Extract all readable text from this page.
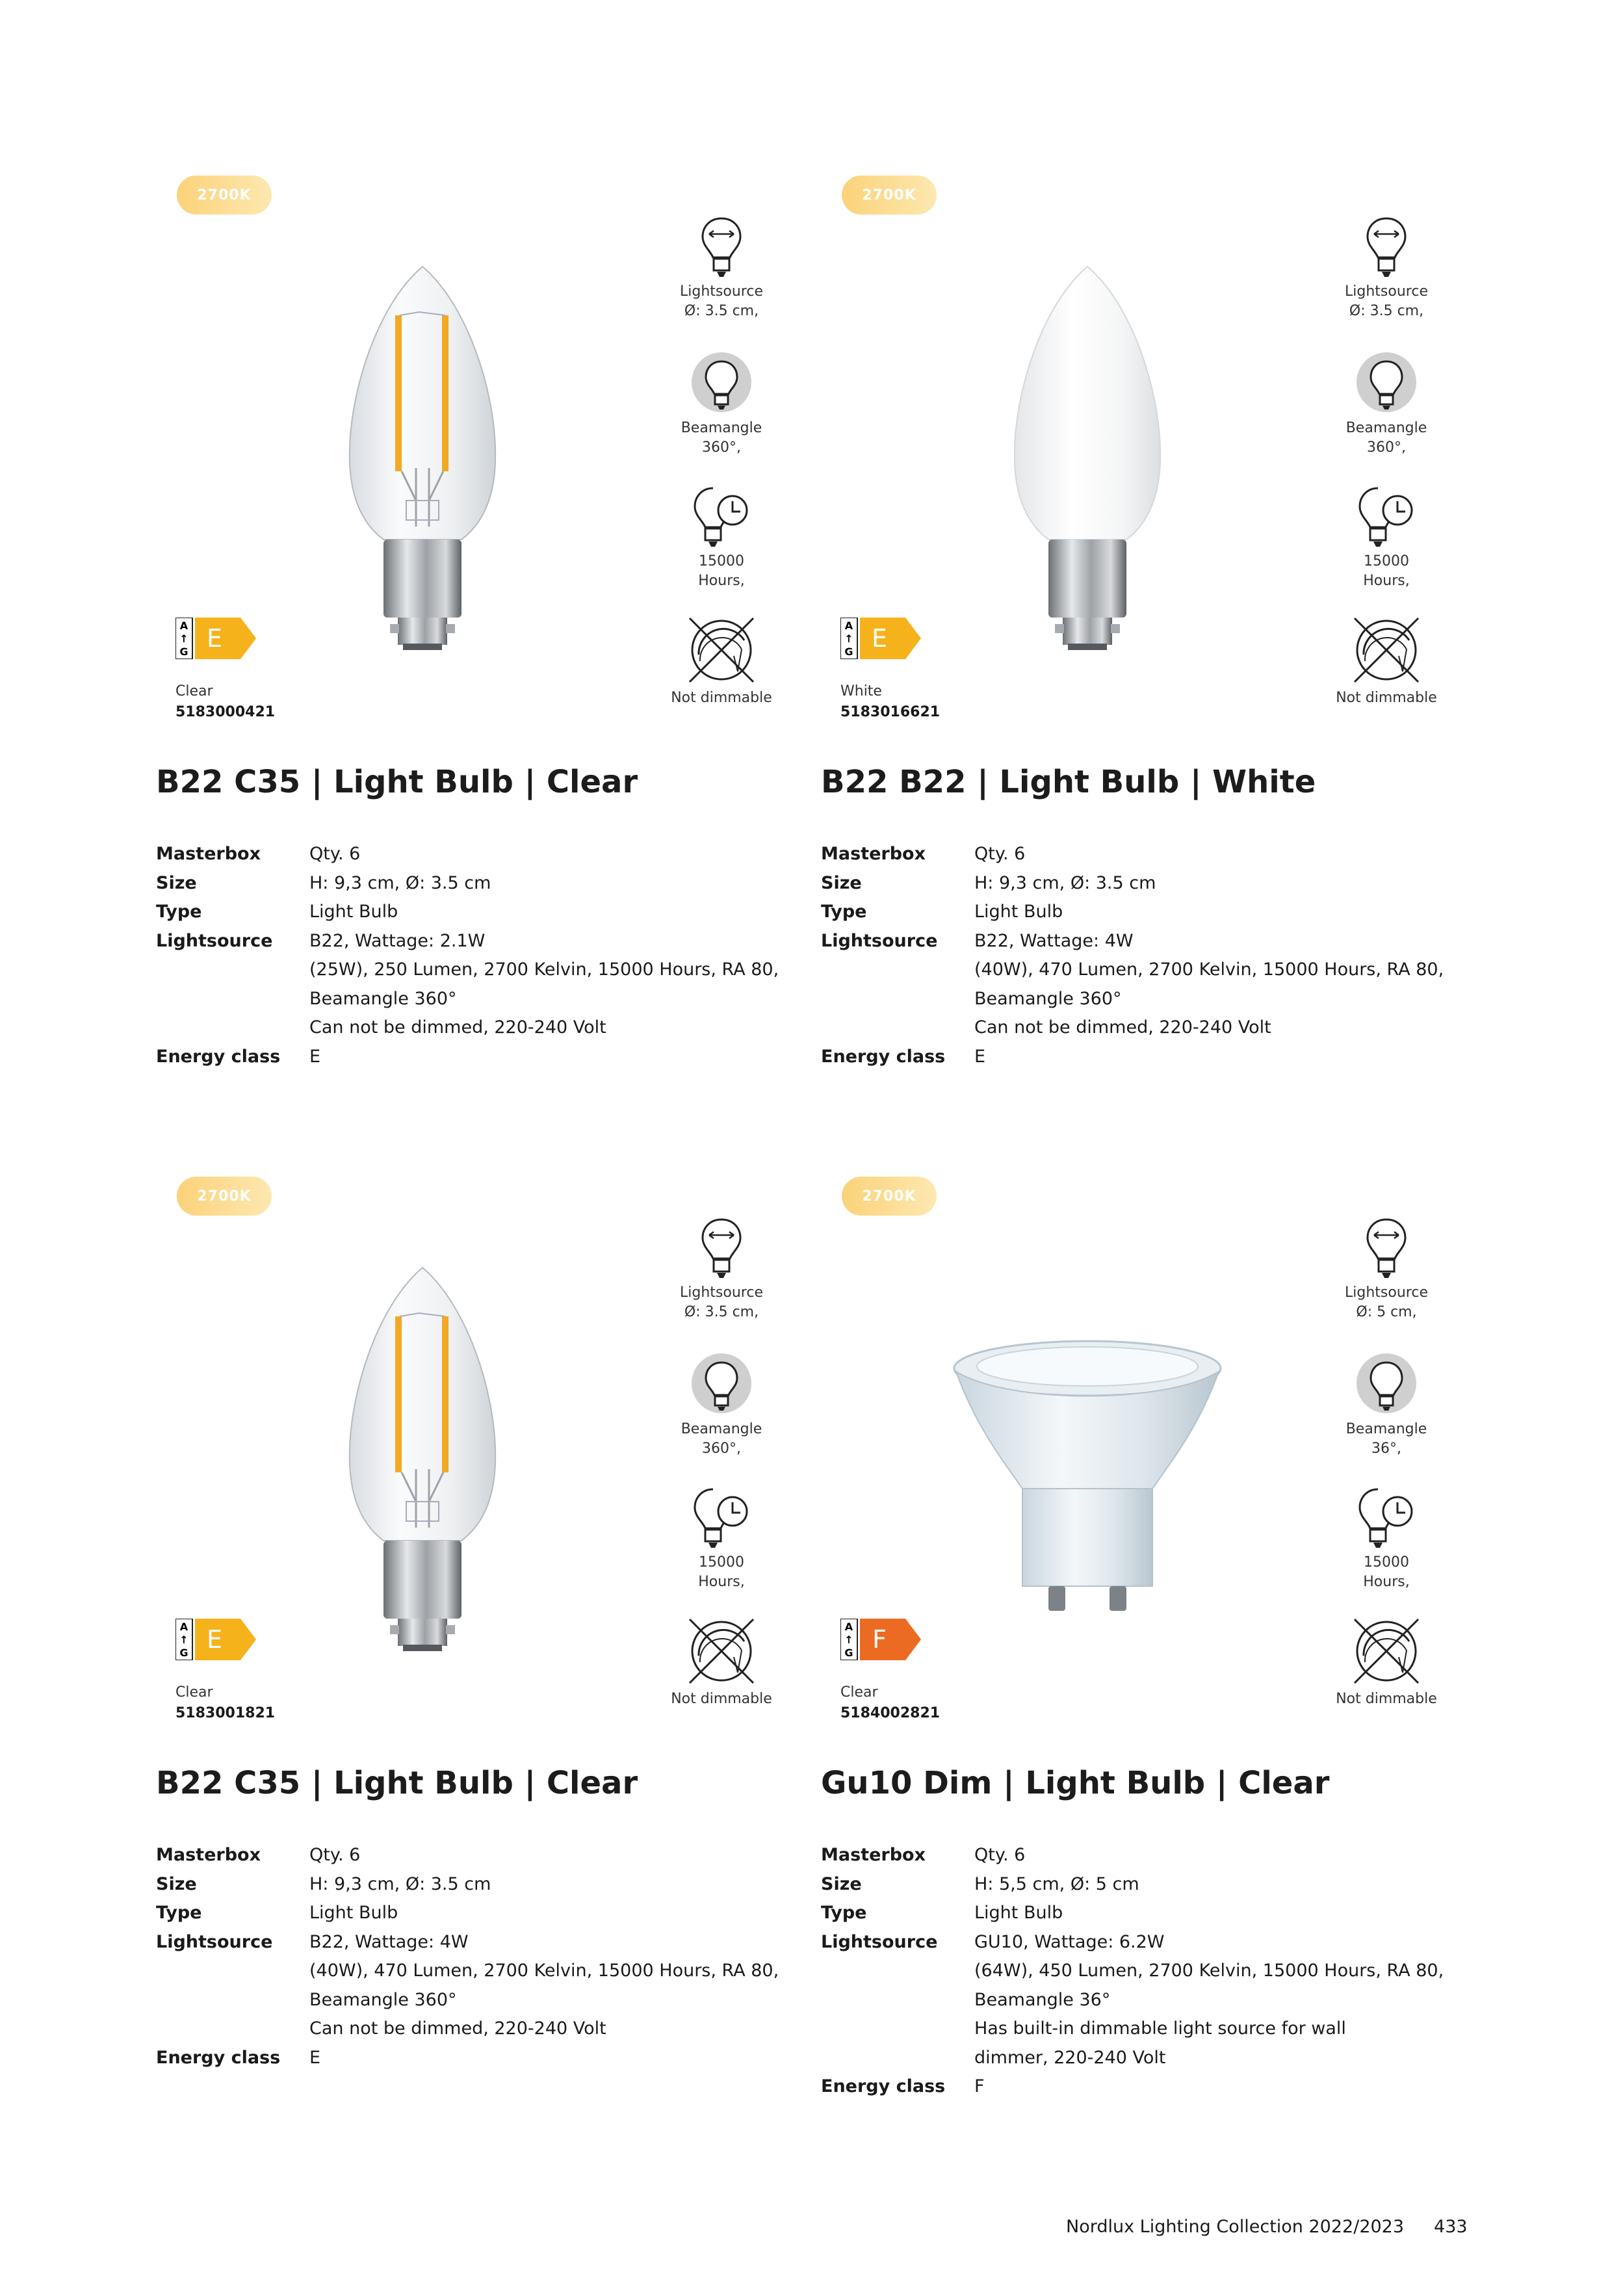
2700K
Lightsource
Ø: 3.5 cm,
Beamangle
360°,
15000
Hours,
Not dimmable
A
↑
G E
Clear
5183000421
B22 C35 | Light Bulb | Clear
Masterbox	Qty. 6
Size	H: 9,3 cm, Ø: 3.5 cm
Type	Light Bulb
Lightsource	B22, Wattage: 2.1W
(25W), 250 Lumen, 2700 Kelvin, 15000 Hours, RA 80,
Beamangle 360°
Can not be dimmed, 220-240 Volt
Energy class	E
2700K
Lightsource
Ø: 3.5 cm,
Beamangle
360°,
15000
Hours,
Not dimmable
A
↑
G E
White
5183016621
B22 B22 | Light Bulb | White
Masterbox	Qty. 6
Size	H: 9,3 cm, Ø: 3.5 cm
Type	Light Bulb
Lightsource	B22, Wattage: 4W
(40W), 470 Lumen, 2700 Kelvin, 15000 Hours, RA 80,
Beamangle 360°
Can not be dimmed, 220-240 Volt
Energy class	E
2700K
Lightsource
Ø: 3.5 cm,
Beamangle
360°,
15000
Hours,
Not dimmable
A
↑
G E
Clear
5183001821
B22 C35 | Light Bulb | Clear
Masterbox	Qty. 6
Size	H: 9,3 cm, Ø: 3.5 cm
Type	Light Bulb
Lightsource	B22, Wattage: 4W
(40W), 470 Lumen, 2700 Kelvin, 15000 Hours, RA 80,
Beamangle 360°
Can not be dimmed, 220-240 Volt
Energy class	E
2700K
Lightsource
Ø: 5 cm,
Beamangle
36°,
15000
Hours,
Not dimmable
A
↑
G F
Clear
5184002821
Gu10 Dim | Light Bulb | Clear
Masterbox	Qty. 6
Size	H: 5,5 cm, Ø: 5 cm
Type	Light Bulb
Lightsource	GU10, Wattage: 6.2W
(64W), 450 Lumen, 2700 Kelvin, 15000 Hours, RA 80,
Beamangle 36°
Has built-in dimmable light source for wall
dimmer, 220-240 Volt
Energy class	F
Nordlux Lighting Collection 2022/2023 433
